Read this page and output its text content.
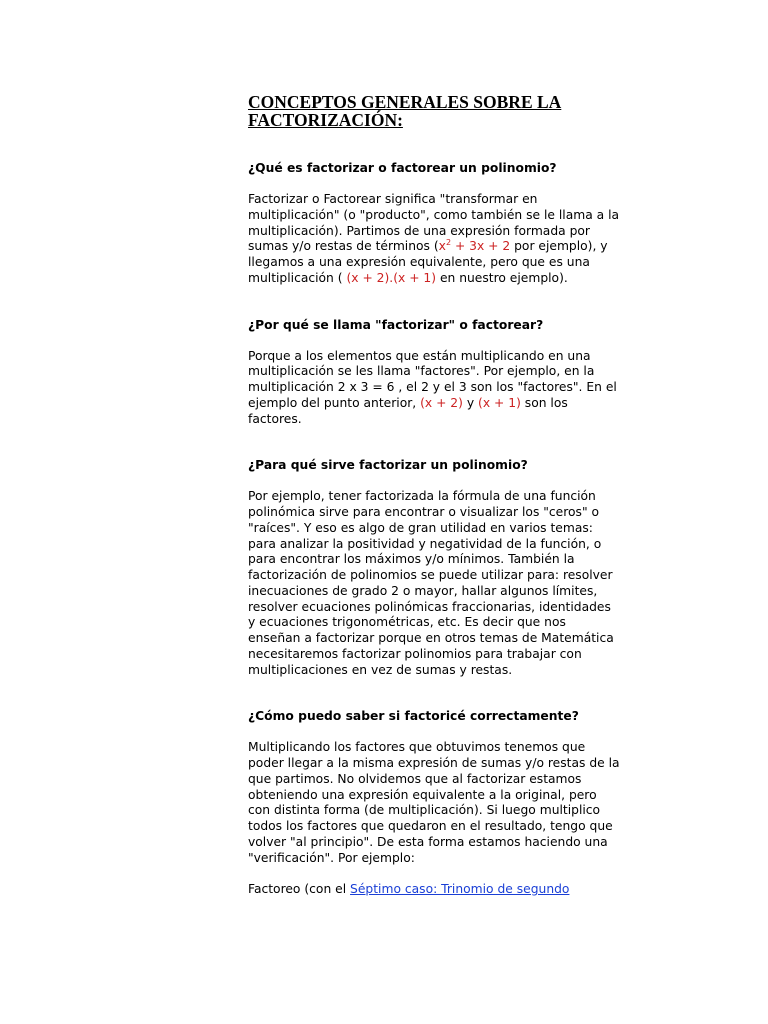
CONCEPTOS GENERALES SOBRE LA
FACTORIZACIÓN:
¿Qué es factorizar o factorear un polinomio?
Factorizar o Factorear significa "transformar en multiplicación" (o "producto", como también se le llama a la multiplicación). Partimos de una expresión formada por sumas y/o restas de términos ($x^2 + 3x + 2$ por ejemplo), y llegamos a una expresión equivalente, pero que es una multiplicación ( (x + 2).(x + 1) en nuestro ejemplo).
¿Por qué se llama "factorizar" o factorear?
Porque a los elementos que están multiplicando en una multiplicación se les llama "factores". Por ejemplo, en la multiplicación 2 x 3 = 6 , el 2 y el 3 son los "factores". En el ejemplo del punto anterior, (x + 2) y (x + 1) son los factores.
¿Para qué sirve factorizar un polinomio?
Por ejemplo, tener factorizada la fórmula de una función polinómica sirve para encontrar o visualizar los "ceros" o "raíces". Y eso es algo de gran utilidad en varios temas: para analizar la positividad y negatividad de la función, o para encontrar los máximos y/o mínimos. También la factorización de polinomios se puede utilizar para: resolver inecuaciones de grado 2 o mayor, hallar algunos límites, resolver ecuaciones polinómicas fraccionarias, identidades y ecuaciones trigonométricas, etc. Es decir que nos enseñan a factorizar porque en otros temas de Matemática necesitaremos factorizar polinomios para trabajar con multiplicaciones en vez de sumas y restas.
¿Cómo puedo saber si factoricé correctamente?
Multiplicando los factores que obtuvimos tenemos que poder llegar a la misma expresión de sumas y/o restas de la que partimos. No olvidemos que al factorizar estamos obteniendo una expresión equivalente a la original, pero con distinta forma (de multiplicación). Si luego multiplico todos los factores que quedaron en el resultado, tengo que volver "al principio". De esta forma estamos haciendo una "verificación". Por ejemplo:
Factoreo (con el Séptimo caso: Trinomio de segundo
